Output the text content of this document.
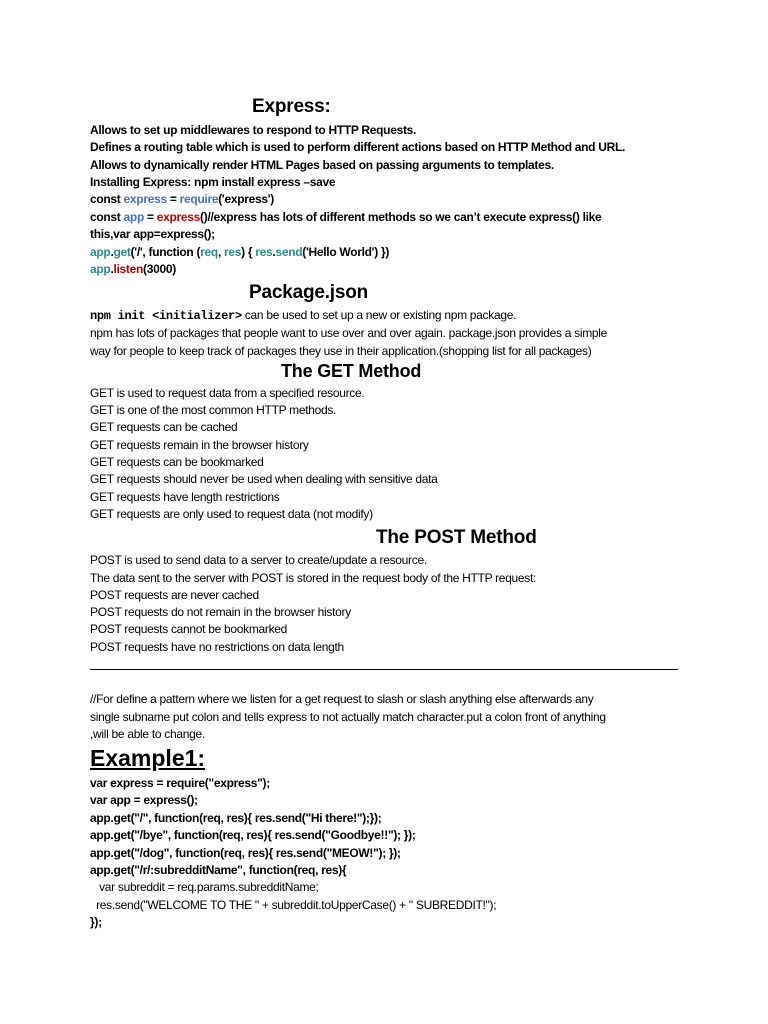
Express:
Allows to set up middlewares to respond to HTTP Requests.
Defines a routing table which is used to perform different actions based on HTTP Method and URL.
Allows to dynamically render HTML Pages based on passing arguments to templates.
Installing Express: npm install express –save
const express = require('express')
const app = express()//express has lots of different methods so we can’t execute express() like
this,var app=express();
app.get('/', function (req, res) { res.send('Hello World') })
app.listen(3000)
Package.json
npm init <initializer> can be used to set up a new or existing npm package.
npm has lots of packages that people want to use over and over again. package.json provides a simple
way for people to keep track of packages they use in their application.(shopping list for all packages)
The GET Method
GET is used to request data from a specified resource.
GET is one of the most common HTTP methods.
GET requests can be cached
GET requests remain in the browser history
GET requests can be bookmarked
GET requests should never be used when dealing with sensitive data
GET requests have length restrictions
GET requests are only used to request data (not modify)
The POST Method
POST is used to send data to a server to create/update a resource.
The data sent to the server with POST is stored in the request body of the HTTP request:
POST requests are never cached
POST requests do not remain in the browser history
POST requests cannot be bookmarked
POST requests have no restrictions on data length
//For define a pattern where we listen for a get request to slash or slash anything else afterwards any
single subname put colon and tells express to not actually match character.put a colon front of anything
,will be able to change.
Example1:
var express = require("express");
var app = express();
app.get("/", function(req, res){ res.send("Hi there!");});
app.get("/bye", function(req, res){ res.send("Goodbye!!"); });
app.get("/dog", function(req, res){ res.send("MEOW!"); });
app.get("/r/:subredditName", function(req, res){
var subreddit = req.params.subredditName;
res.send("WELCOME TO THE " + subreddit.toUpperCase() + " SUBREDDIT!");
});
